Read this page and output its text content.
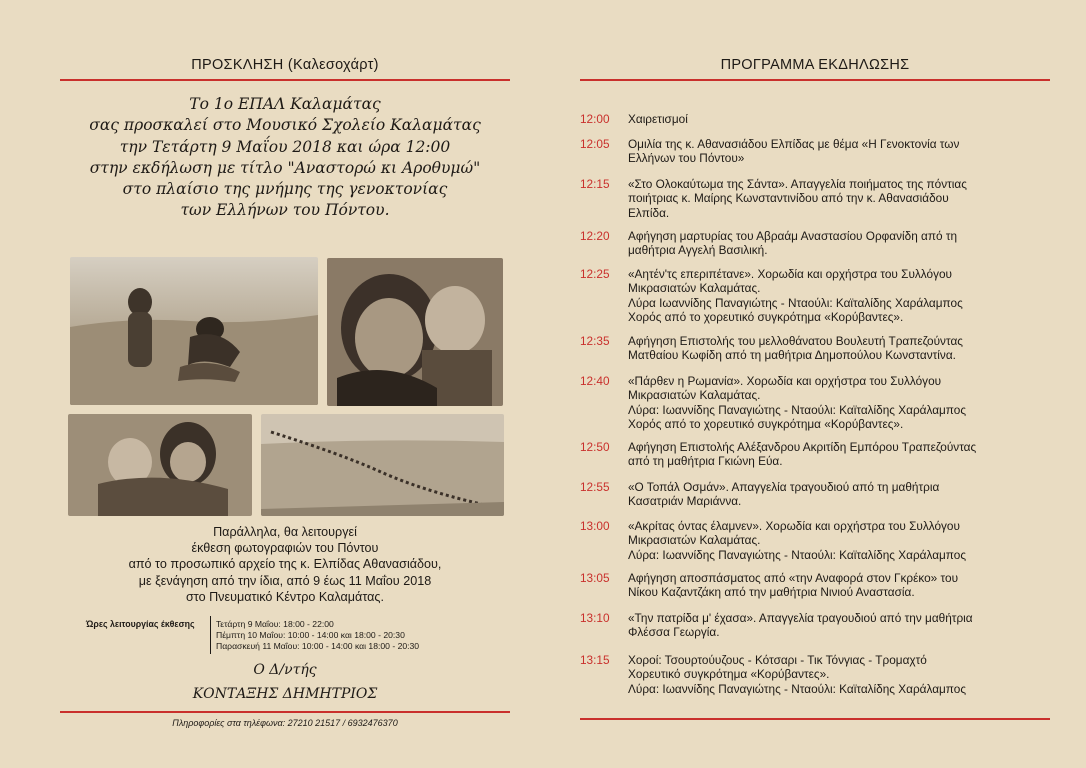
ΠΡΟΣΚΛΗΣΗ (Καλεσοχάρτ)
Το 1ο ΕΠΑΛ Καλαμάτας
σας προσκαλεί στο Μουσικό Σχολείο Καλαμάτας
την Τετάρτη 9 Μαΐου 2018 και ώρα 12:00
στην εκδήλωση με τίτλο "Αναστορώ κι Αροθυμώ"
στο πλαίσιο της μνήμης της γενοκτονίας
των Ελλήνων του Πόντου.
Παράλληλα, θα λειτουργεί
έκθεση φωτογραφιών του Πόντου
από το προσωπικό αρχείο της κ. Ελπίδας Αθανασιάδου,
με ξενάγηση από την ίδια, από 9 έως 11 Μαΐου 2018
στο Πνευματικό Κέντρο Καλαμάτας.
Ώρες λειτουργίας έκθεσης Τετάρτη 9 Μαΐου: 18:00 - 22:00
Πέμπτη 10 Μαΐου: 10:00 - 14:00 και 18:00 - 20:30
Παρασκευή 11 Μαΐου: 10:00 - 14:00 και 18:00 - 20:30
Ο Δ/ντής
ΚΟΝΤΑΞΗΣ ΔΗΜΗΤΡΙΟΣ
Πληροφορίες στα τηλέφωνα: 27210 21517 / 6932476370
ΠΡΟΓΡΑΜΜΑ ΕΚΔΗΛΩΣΗΣ
12:00 Χαιρετισμοί
12:05 Ομιλία της κ. Αθανασιάδου Ελπίδας με θέμα «Η Γενοκτονία των
Ελλήνων του Πόντου»
12:15 «Στο Ολοκαύτωμα της Σάντα». Απαγγελία ποιήματος της πόντιας
ποιήτριας κ. Μαίρης Κωνσταντινίδου από την κ. Αθανασιάδου
Ελπίδα.
12:20 Αφήγηση μαρτυρίας του Αβραάμ Αναστασίου Ορφανίδη από τη
μαθήτρια Αγγελή Βασιλική.
12:25 «Αητέν'τς επεριπέτανε». Χορωδία και ορχήστρα του Συλλόγου
Μικρασιατών Καλαμάτας.
Λύρα Ιωαννίδης Παναγιώτης - Νταούλι: Καϊταλίδης Χαράλαμπος
Χορός από το χορευτικό συγκρότημα «Κορύβαντες».
12:35 Αφήγηση Επιστολής του μελλοθάνατου Βουλευτή Τραπεζούντας
Ματθαίου Κωφίδη από τη μαθήτρια Δημοπούλου Κωνσταντίνα.
12:40 «Πάρθεν η Ρωμανία». Χορωδία και ορχήστρα του Συλλόγου
Μικρασιατών Καλαμάτας.
Λύρα: Ιωαννίδης Παναγιώτης - Νταούλι: Καϊταλίδης Χαράλαμπος
Χορός από το χορευτικό συγκρότημα «Κορύβαντες».
12:50 Αφήγηση Επιστολής Αλέξανδρου Ακριτίδη Εμπόρου Τραπεζούντας
από τη μαθήτρια Γκιώνη Εύα.
12:55 «Ο Τοπάλ Οσμάν». Απαγγελία τραγουδιού από τη μαθήτρια
Κασατριάν Μαριάννα.
13:00 «Ακρίτας όντας έλαμνεν». Χορωδία και ορχήστρα του Συλλόγου
Μικρασιατών Καλαμάτας.
Λύρα: Ιωαννίδης Παναγιώτης - Νταούλι: Καϊταλίδης Χαράλαμπος
13:05 Αφήγηση αποσπάσματος από «την Αναφορά στον Γκρέκο» του
Νίκου Καζαντζάκη από την μαθήτρια Νινιού Αναστασία.
13:10 «Την πατρίδα μ' έχασα». Απαγγελία τραγουδιού από την μαθήτρια
Φλέσσα Γεωργία.
13:15 Χοροί: Τσουρτούυζους - Κότσαρι - Τικ Τόνγιας - Τρομαχτό
Χορευτικό συγκρότημα «Κορύβαντες».
Λύρα: Ιωαννίδης Παναγιώτης - Νταούλι: Καϊταλίδης Χαράλαμπος
